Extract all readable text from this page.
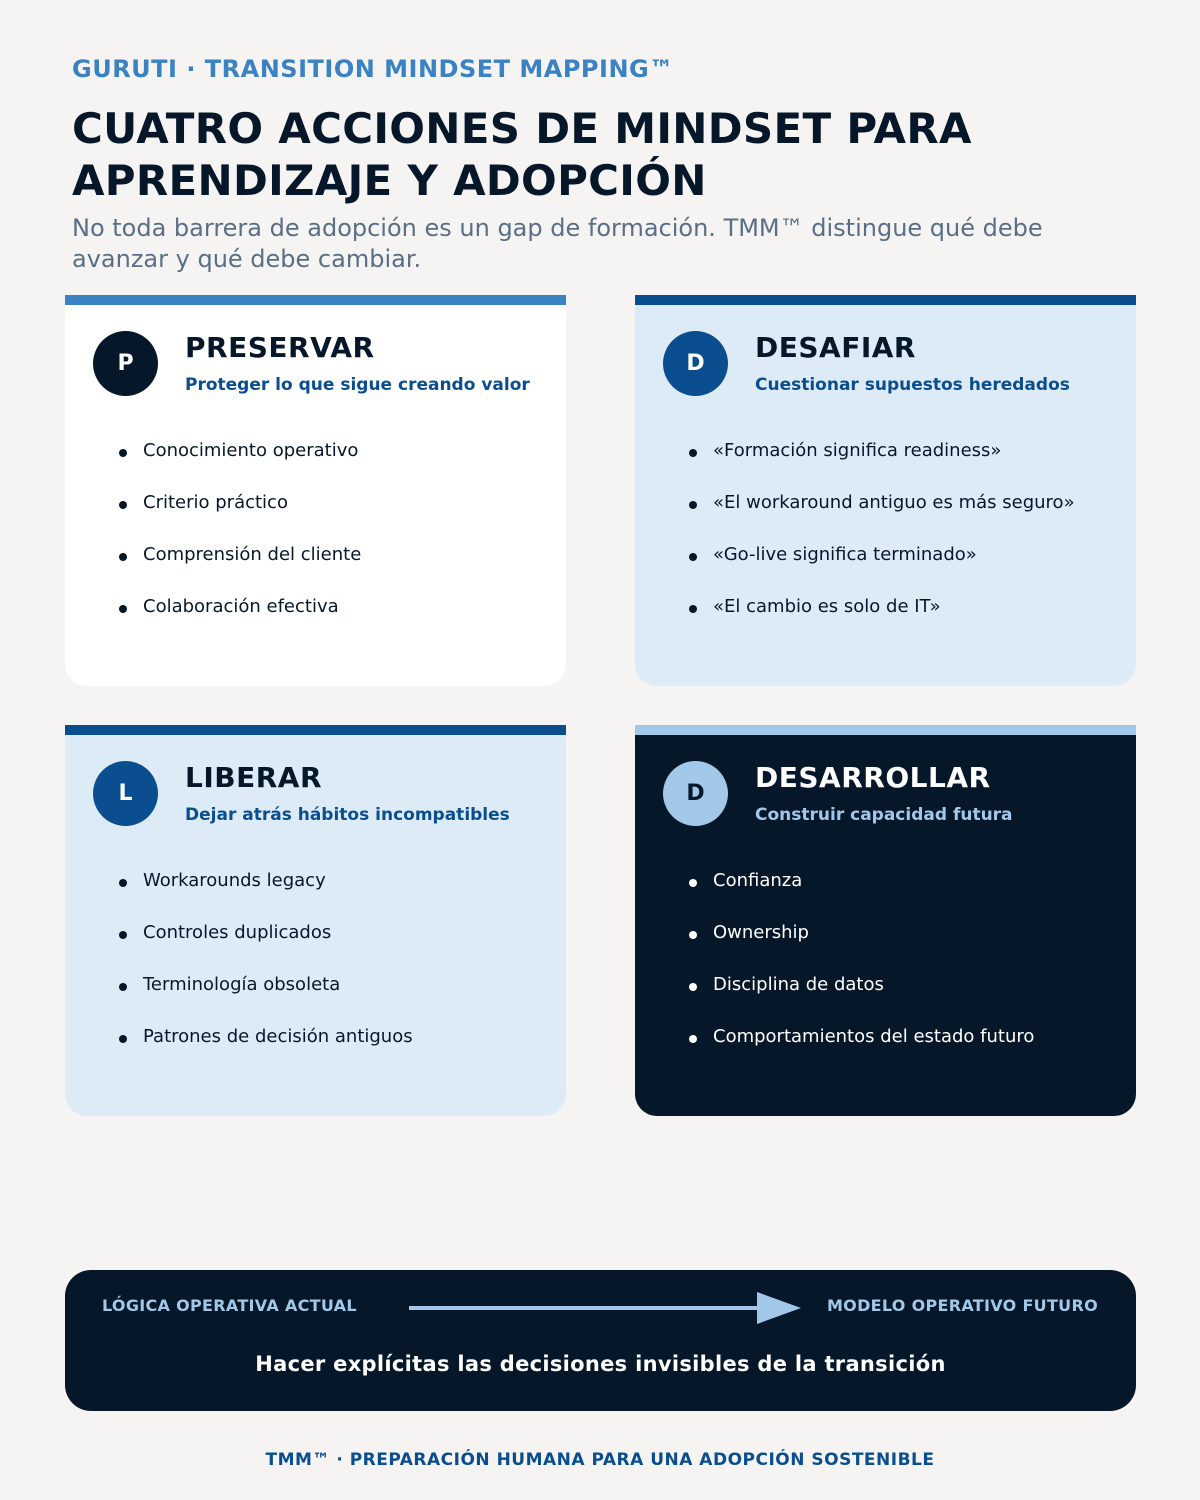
GURUTI · TRANSITION MINDSET MAPPING™
CUATRO ACCIONES DE MINDSET PARA APRENDIZAJE Y ADOPCIÓN

No toda barrera de adopción es un gap de formación. TMM™ distingue qué debe avanzar y qué debe cambiar.

P	PRESERVAR
Proteger lo que sigue creando valor
Conocimiento operativo
Criterio práctico
Comprensión del cliente
Colaboración efectiva
D	DESAFIAR
Cuestionar supuestos heredados
«Formación significa readiness»
«El workaround antiguo es más seguro»
«Go-live significa terminado»
«El cambio es solo de IT»
L	LIBERAR
Dejar atrás hábitos incompatibles
Workarounds legacy
Controles duplicados
Terminología obsoleta
Patrones de decisión antiguos
D	DESARROLLAR
Construir capacidad futura
Confianza
Ownership
Disciplina de datos
Comportamientos del estado futuro
LÓGICA OPERATIVA ACTUAL	MODELO OPERATIVO FUTURO
Hacer explícitas las decisiones invisibles de la transición
TMM™ · PREPARACIÓN HUMANA PARA UNA ADOPCIÓN SOSTENIBLE
